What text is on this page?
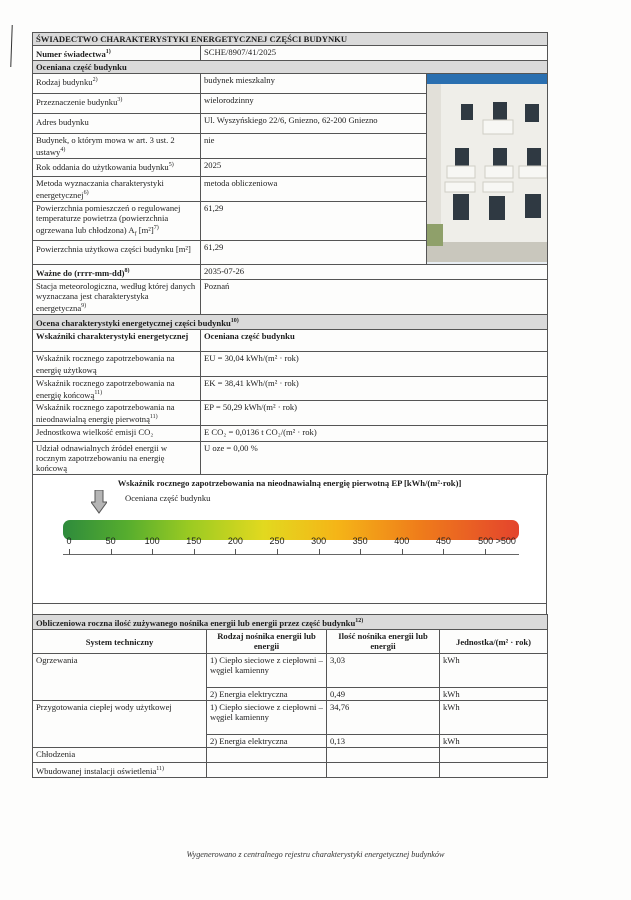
ŚWIADECTWO CHARAKTERYSTYKI ENERGETYCZNEJ CZĘŚCI BUDYNKU		
Numer świadectwa$^{1)}$	SCHE/8907/41/2025	
Oceniana część budynku		
Rodzaj budynku$^{2)}$	budynek mieszkalny	
Przeznaczenie budynku$^{3)}$	wielorodzinny	
Adres budynku	Ul. Wyszyńskiego 22/6, Gniezno, 62-200 Gniezno	
Budynek, o którym mowa w art. 3 ust. 2 ustawy$^{4)}$	nie	
Rok oddania do użytkowania budynku$^{5)}$	2025	
Metoda wyznaczania charakterystyki energetycznej$^{6)}$	metoda obliczeniowa	
Powierzchnia pomieszczeń o regulowanej temperaturze powietrza (powierzchnia ogrzewana lub chłodzona) $A_f$ $[m^2]^{7)}$	61,29	
Powierzchnia użytkowa części budynku [m²]	61,29	
Ważne do (rrrr-mm-dd)$^{8)}$	2035-07-26	
Stacja meteorologiczna, według której danych wyznaczana jest charakterystyka energetyczna$^{9)}$	Poznań	
Ocena charakterystyki energetycznej części budynku$^{10)}$
Wskaźniki charakterystyki energetycznej	Oceniana część budynku	
Wskaźnik rocznego zapotrzebowania na energię użytkową	EU = 30,04 kWh/(m² · rok)	
Wskaźnik rocznego zapotrzebowania na energię końcową$^{11)}$	EK = 38,41 kWh/(m² · rok)	
Wskaźnik rocznego zapotrzebowania na nieodnawialną energię pierwotną$^{11)}$	EP = 50,29 kWh/(m² · rok)	
Jednostkowa wielkość emisji CO₂	E CO₂ = 0,0136 t CO₂/(m² · rok)	
Udział odnawialnych źródeł energii w rocznym zapotrzebowaniu na energię końcową	U oze = 0,00 %	
Wskaźnik rocznego zapotrzebowania na nieodnawialną energię pierwotną EP [kWh/(m²·rok)]
Oceniana część budynku
0	50	100	150	200	250	300	350	400	450	500 >500
Obliczeniowa roczna ilość zużywanego nośnika energii lub energii przez część budynku$^{12)}$
System techniczny	Rodzaj nośnika energii lub energii	Ilość nośnika energii lub energii	Jednostka/(m² · rok)
Ogrzewania	1) Ciepło sieciowe z ciepłowni – węgiel kamienny	3,03	kWh
	2) Energia elektryczna	0,49	kWh
Przygotowania ciepłej wody użytkowej	1) Ciepło sieciowe z ciepłowni – węgiel kamienny	34,76	kWh
	2) Energia elektryczna	0,13	kWh
Chłodzenia			
Wbudowanej instalacji oświetlenia$^{11)}$			
Wygenerowano z centralnego rejestru charakterystyki energetycznej budynków
